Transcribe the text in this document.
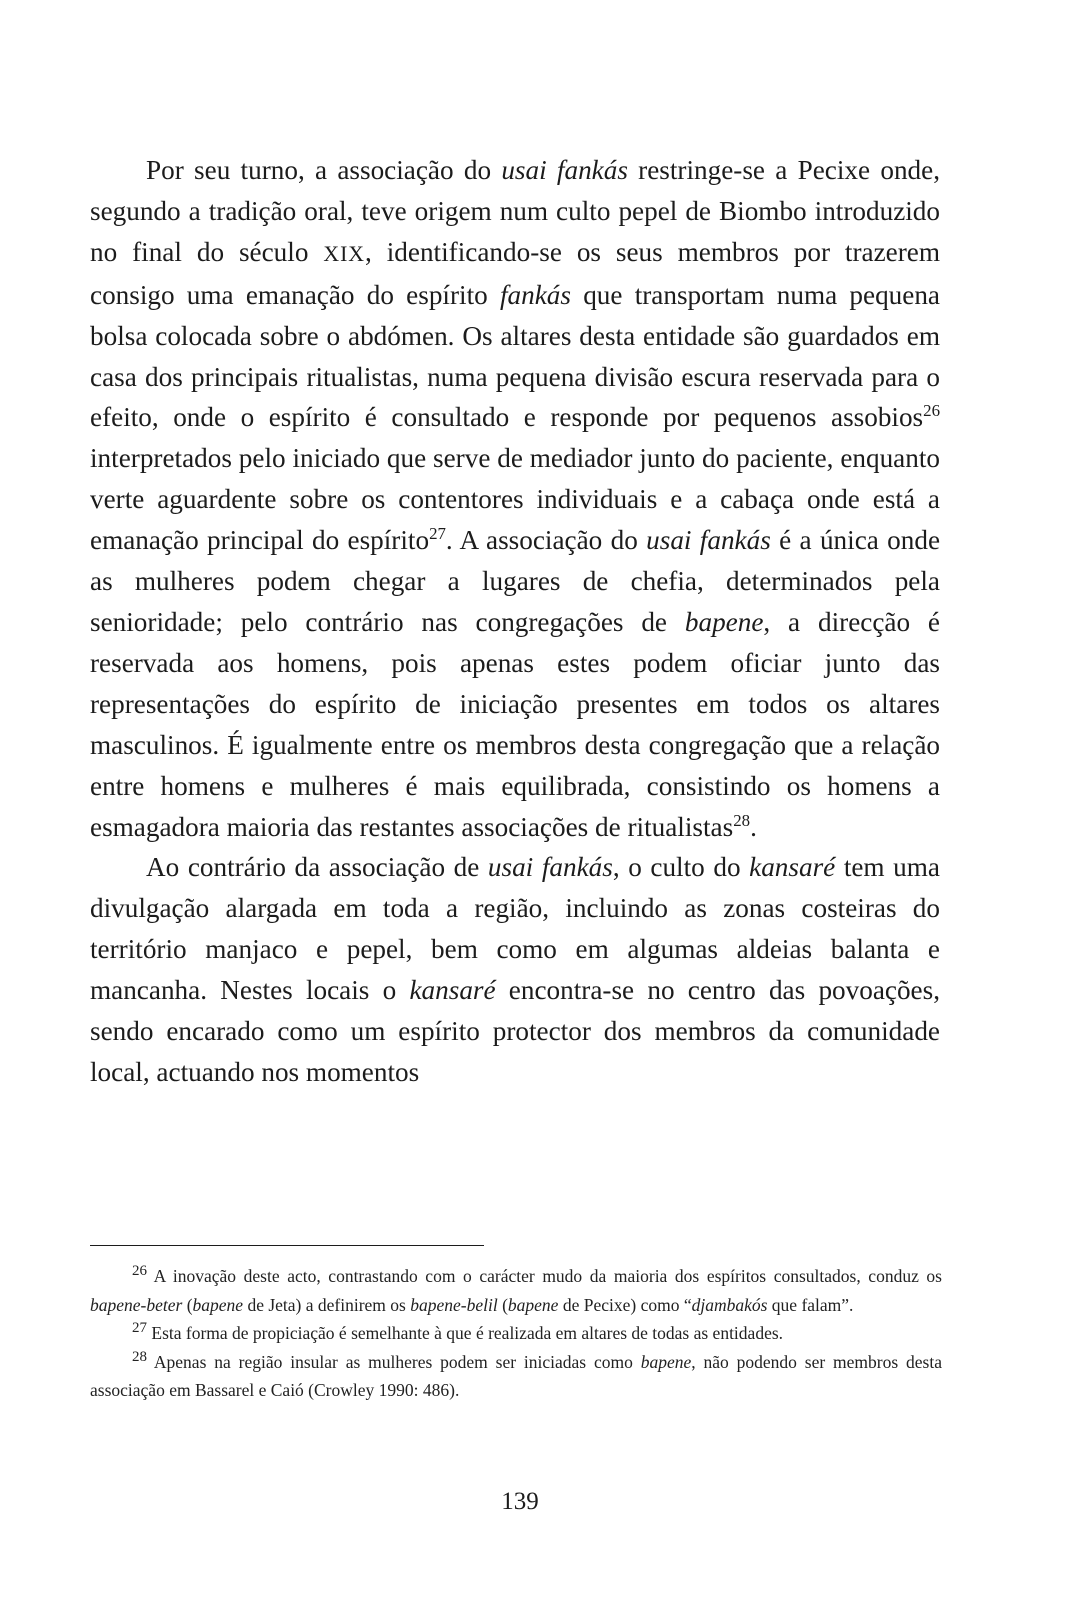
Por seu turno, a associação do usai fankás restringe-se a Pecixe onde, segundo a tradição oral, teve origem num culto pepel de Biombo introduzido no final do século XIX, identificando-se os seus membros por trazerem consigo uma emanação do espírito fankás que transportam numa pequena bolsa colocada sobre o abdómen. Os altares desta entidade são guardados em casa dos principais ritualistas, numa pequena divisão escura reservada para o efeito, onde o espírito é consultado e responde por pequenos assobios$^{26}$ interpretados pelo iniciado que serve de mediador junto do paciente, enquanto verte aguardente sobre os contentores individuais e a cabaça onde está a emanação principal do espírito$^{27}$. A associação do usai fankás é a única onde as mulheres podem chegar a lugares de chefia, determinados pela senioridade; pelo contrário nas congregações de bapene, a direcção é reservada aos homens, pois apenas estes podem oficiar junto das representações do espírito de iniciação presentes em todos os altares masculinos. É igualmente entre os membros desta congregação que a relação entre homens e mulheres é mais equilibrada, consistindo os homens a esmagadora maioria das restantes associações de ritualistas$^{28}$.

Ao contrário da associação de usai fankás, o culto do kansaré tem uma divulgação alargada em toda a região, incluindo as zonas costeiras do território manjaco e pepel, bem como em algumas aldeias balanta e mancanha. Nestes locais o kansaré encontra-se no centro das povoações, sendo encarado como um espírito protector dos membros da comunidade local, actuando nos momentos

$^{26}$ A inovação deste acto, contrastando com o carácter mudo da maioria dos espíritos consultados, conduz os bapene-beter (bapene de Jeta) a definirem os bapene-belil (bapene de Pecixe) como “djambakós que falam”.

$^{27}$ Esta forma de propiciação é semelhante à que é realizada em altares de todas as entidades.

$^{28}$ Apenas na região insular as mulheres podem ser iniciadas como bapene, não podendo ser membros desta associação em Bassarel e Caió (Crowley 1990: 486).

139
